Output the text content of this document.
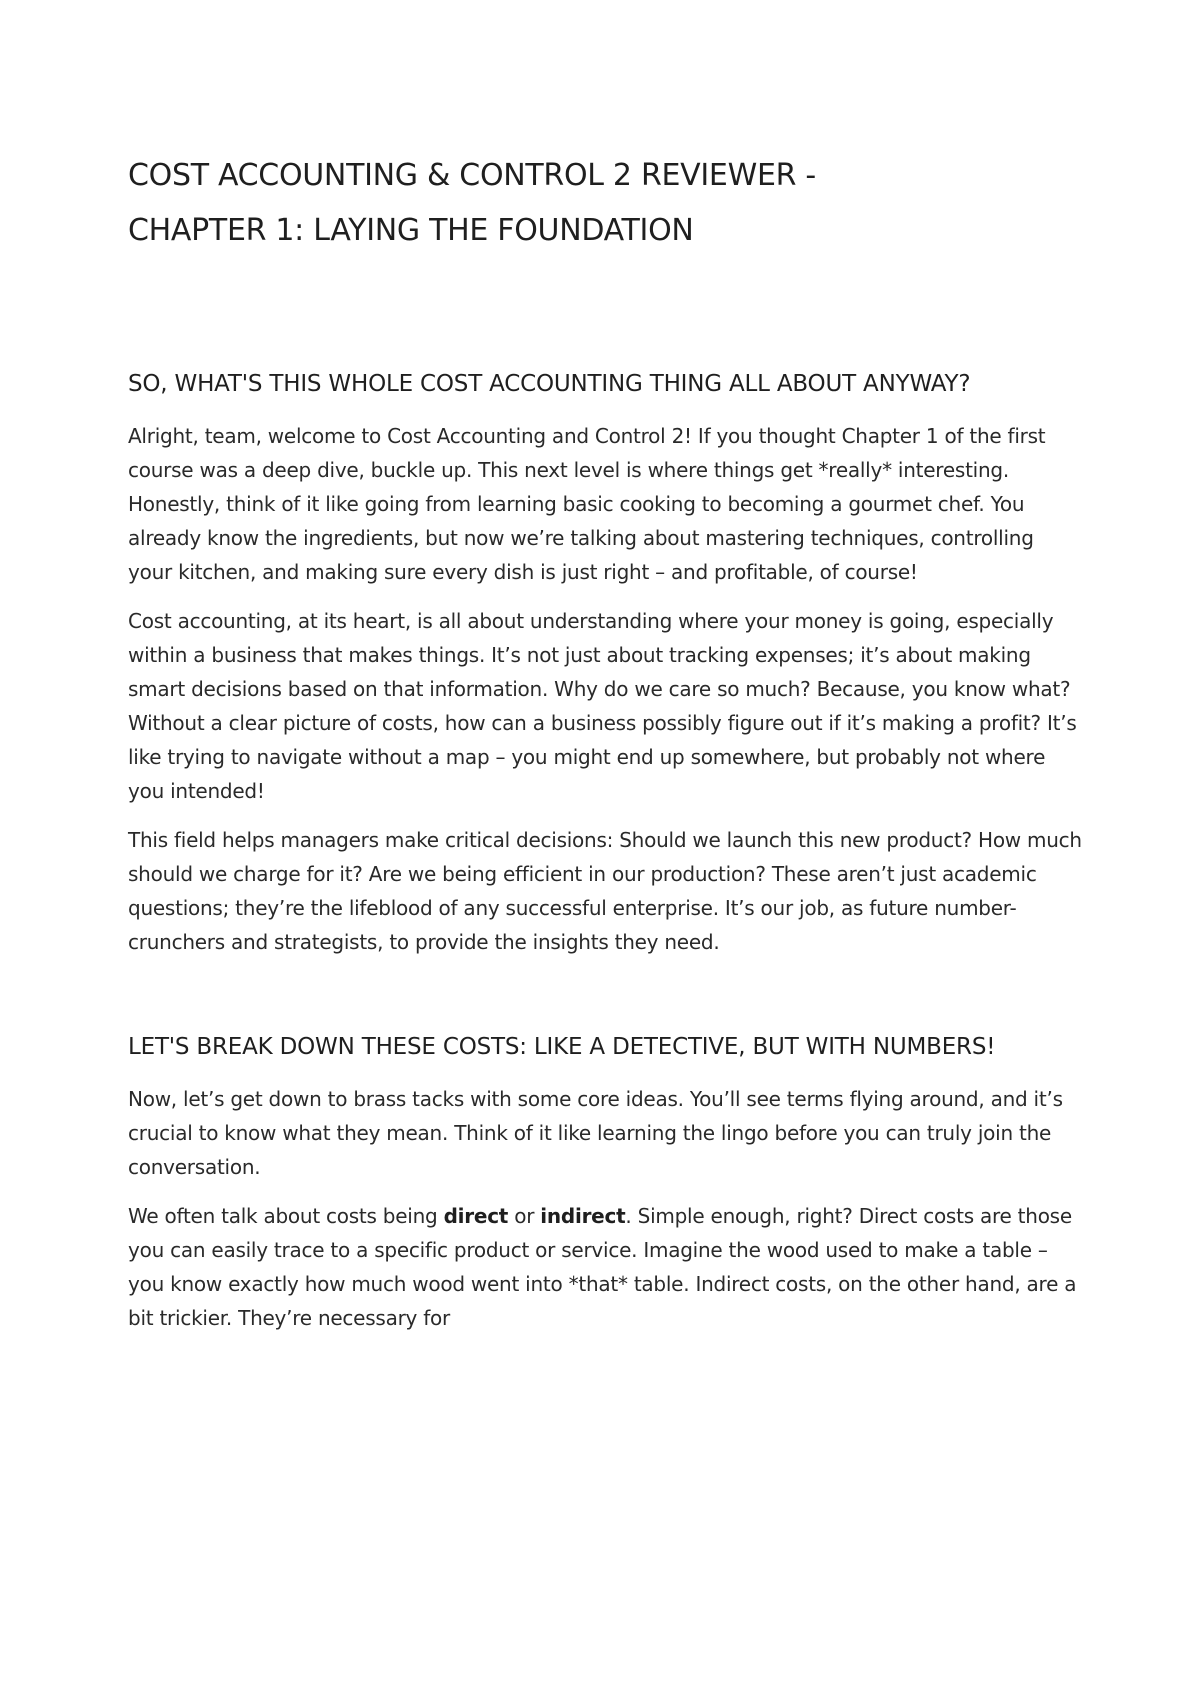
COST ACCOUNTING & CONTROL 2 REVIEWER -
CHAPTER 1: LAYING THE FOUNDATION
SO, WHAT'S THIS WHOLE COST ACCOUNTING THING ALL ABOUT ANYWAY?

Alright, team, welcome to Cost Accounting and Control 2! If you thought Chapter 1 of the first course was a deep dive, buckle up. This next level is where things get *really* interesting. Honestly, think of it like going from learning basic cooking to becoming a gourmet chef. You already know the ingredients, but now we’re talking about mastering techniques, controlling your kitchen, and making sure every dish is just right – and profitable, of course!

Cost accounting, at its heart, is all about understanding where your money is going, especially within a business that makes things. It’s not just about tracking expenses; it’s about making smart decisions based on that information. Why do we care so much? Because, you know what? Without a clear picture of costs, how can a business possibly figure out if it’s making a profit? It’s like trying to navigate without a map – you might end up somewhere, but probably not where you intended!

This field helps managers make critical decisions: Should we launch this new product? How much should we charge for it? Are we being efficient in our production? These aren’t just academic questions; they’re the lifeblood of any successful enterprise. It’s our job, as future number-crunchers and strategists, to provide the insights they need.

LET'S BREAK DOWN THESE COSTS: LIKE A DETECTIVE, BUT WITH NUMBERS!

Now, let’s get down to brass tacks with some core ideas. You’ll see terms flying around, and it’s crucial to know what they mean. Think of it like learning the lingo before you can truly join the conversation.

We often talk about costs being direct or indirect. Simple enough, right? Direct costs are those you can easily trace to a specific product or service. Imagine the wood used to make a table – you know exactly how much wood went into *that* table. Indirect costs, on the other hand, are a bit trickier. They’re necessary for
